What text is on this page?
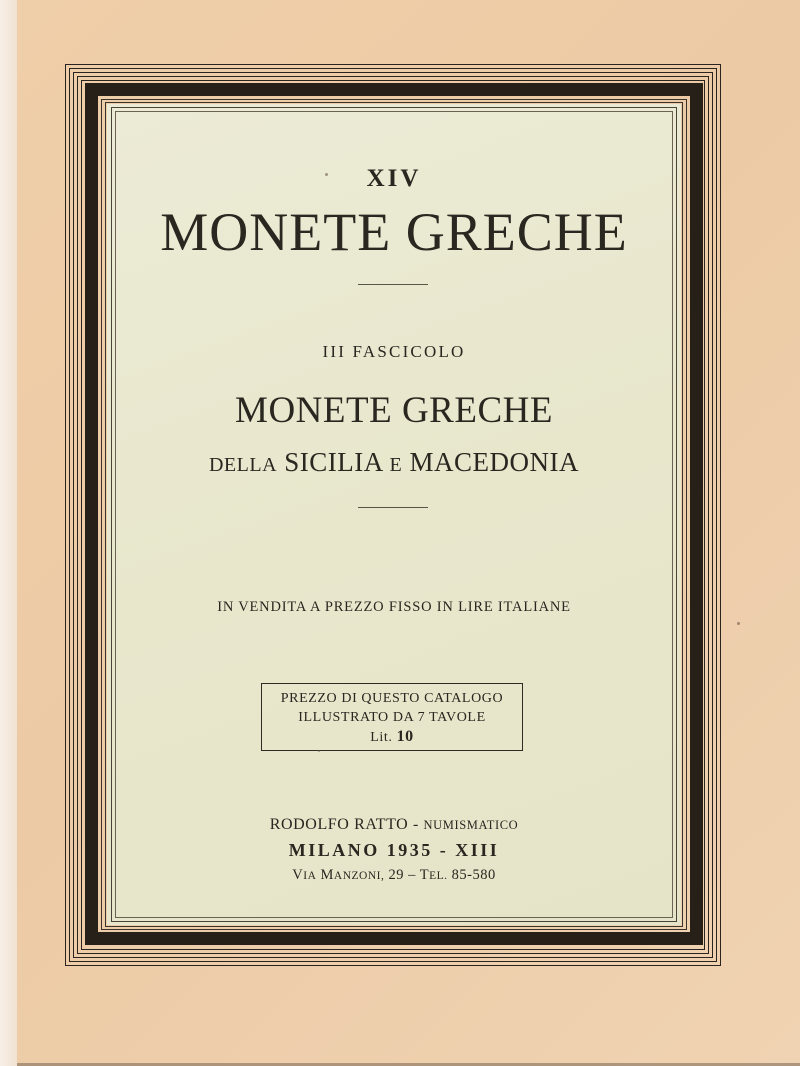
XIV
MONETE GRECHE
III FASCICOLO
MONETE GRECHE
DELLA SICILIA E MACEDONIA
IN VENDITA A PREZZO FISSO IN LIRE ITALIANE
PREZZO DI QUESTO CATALOGO
ILLUSTRATO DA 7 TAVOLE
Lit. 10
RODOLFO RATTO - NUMISMATICO
MILANO 1935 - XIII
VIA MANZONI, 29 – TEL. 85-580
